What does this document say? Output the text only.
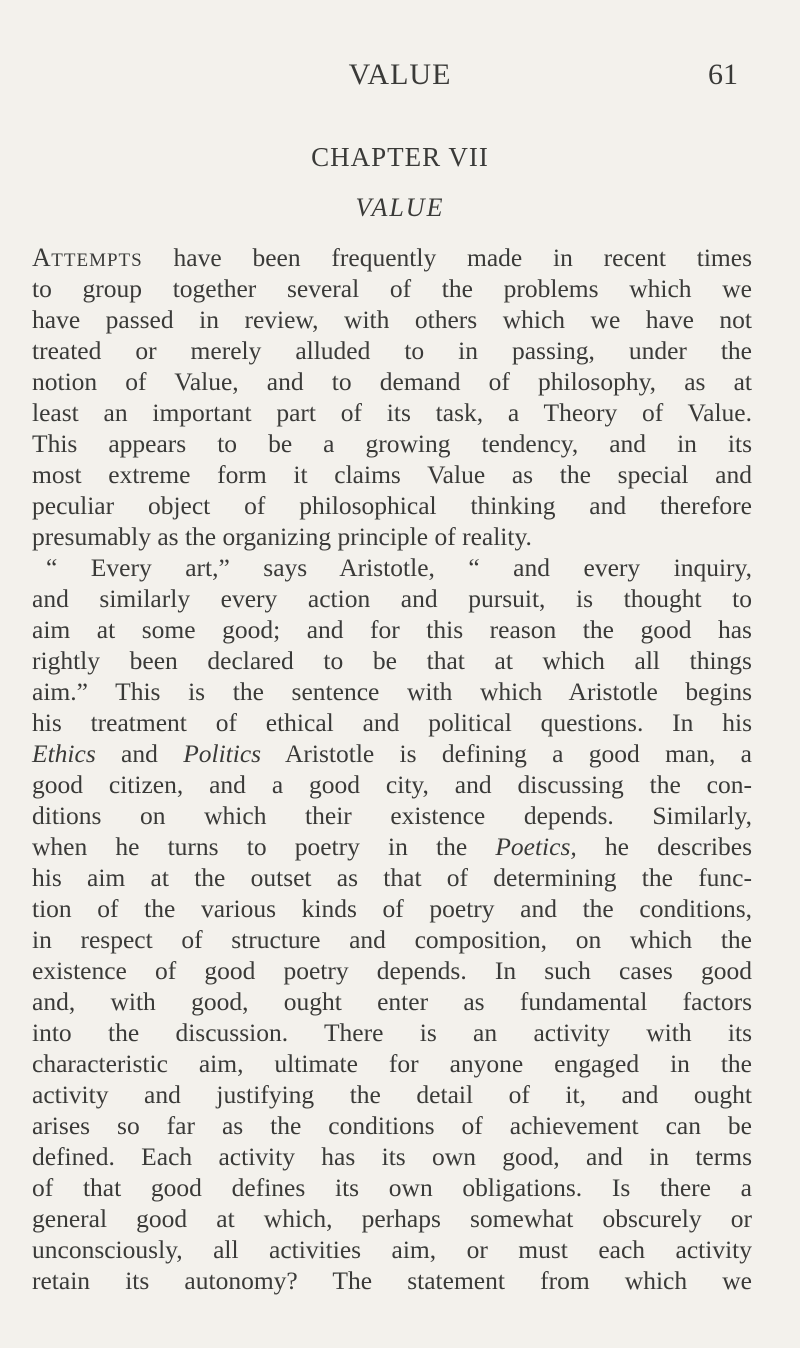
VALUE	61
CHAPTER VII
VALUE
ATTEMPTS have been frequently made in recent times
to group together several of the problems which we
have passed in review, with others which we have not
treated or merely alluded to in passing, under the
notion of Value, and to demand of philosophy, as at
least an important part of its task, a Theory of Value.
This appears to be a growing tendency, and in its
most extreme form it claims Value as the special and
peculiar object of philosophical thinking and therefore
presumably as the organizing principle of reality.
“ Every art,” says Aristotle, “ and every inquiry,
and similarly every action and pursuit, is thought to
aim at some good; and for this reason the good has
rightly been declared to be that at which all things
aim.” This is the sentence with which Aristotle begins
his treatment of ethical and political questions. In his
Ethics and Politics Aristotle is defining a good man, a
good citizen, and a good city, and discussing the con-
ditions on which their existence depends. Similarly,
when he turns to poetry in the Poetics, he describes
his aim at the outset as that of determining the func-
tion of the various kinds of poetry and the conditions,
in respect of structure and composition, on which the
existence of good poetry depends. In such cases good
and, with good, ought enter as fundamental factors
into the discussion. There is an activity with its
characteristic aim, ultimate for anyone engaged in the
activity and justifying the detail of it, and ought
arises so far as the conditions of achievement can be
defined. Each activity has its own good, and in terms
of that good defines its own obligations. Is there a
general good at which, perhaps somewhat obscurely or
unconsciously, all activities aim, or must each activity
retain its autonomy? The statement from which we
